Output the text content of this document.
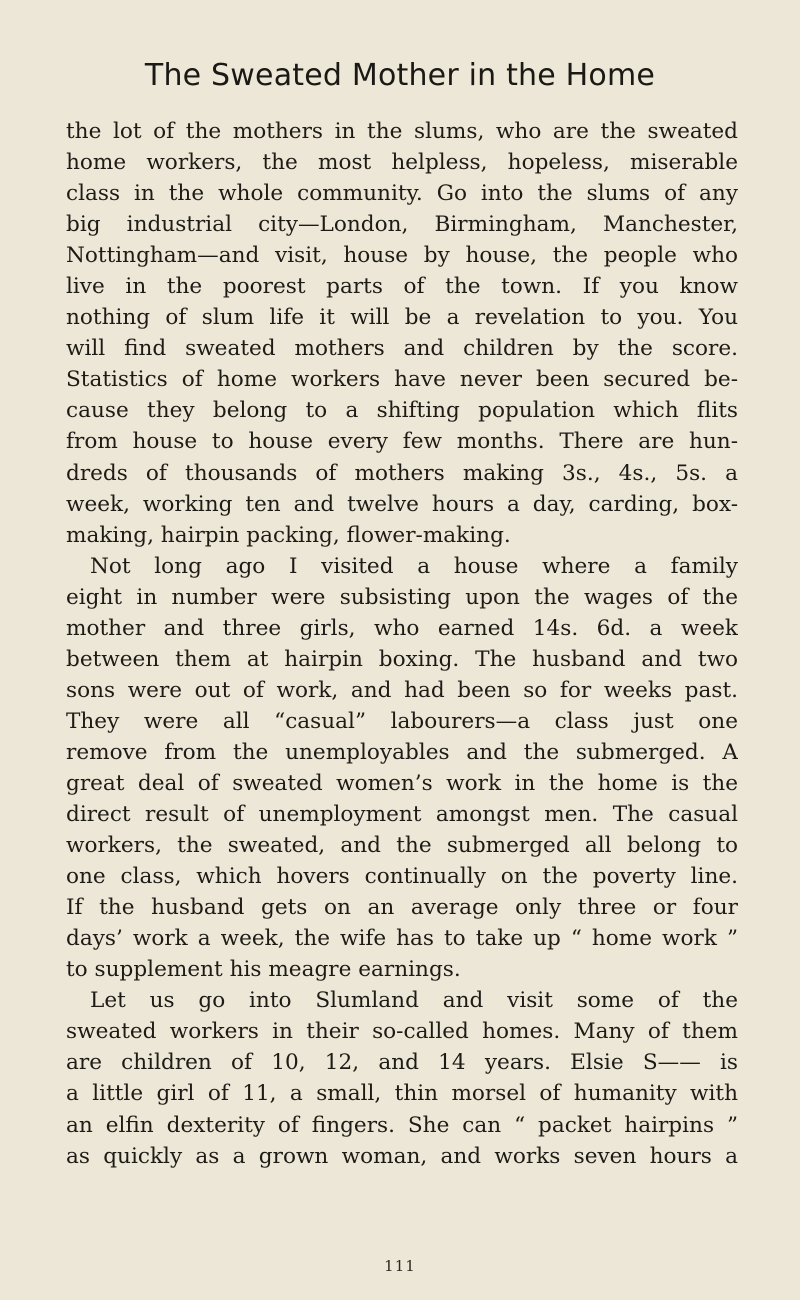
The Sweated Mother in the Home
the lot of the mothers in the slums, who are the sweated
home workers, the most helpless, hopeless, miserable
class in the whole community. Go into the slums of any
big industrial city—London, Birmingham, Manchester,
Nottingham—and visit, house by house, the people who
live in the poorest parts of the town. If you know
nothing of slum life it will be a revelation to you. You
will find sweated mothers and children by the score.
Statistics of home workers have never been secured be-
cause they belong to a shifting population which flits
from house to house every few months. There are hun-
dreds of thousands of mothers making 3s., 4s., 5s. a
week, working ten and twelve hours a day, carding, box-
making, hairpin packing, flower-making.
Not long ago I visited a house where a family
eight in number were subsisting upon the wages of the
mother and three girls, who earned 14s. 6d. a week
between them at hairpin boxing. The husband and two
sons were out of work, and had been so for weeks past.
They were all “casual” labourers—a class just one
remove from the unemployables and the submerged. A
great deal of sweated women’s work in the home is the
direct result of unemployment amongst men. The casual
workers, the sweated, and the submerged all belong to
one class, which hovers continually on the poverty line.
If the husband gets on an average only three or four
days’ work a week, the wife has to take up “ home work ”
to supplement his meagre earnings.
Let us go into Slumland and visit some of the
sweated workers in their so-called homes. Many of them
are children of 10, 12, and 14 years. Elsie S—— is
a little girl of 11, a small, thin morsel of humanity with
an elfin dexterity of fingers. She can “ packet hairpins ”
as quickly as a grown woman, and works seven hours a
111
